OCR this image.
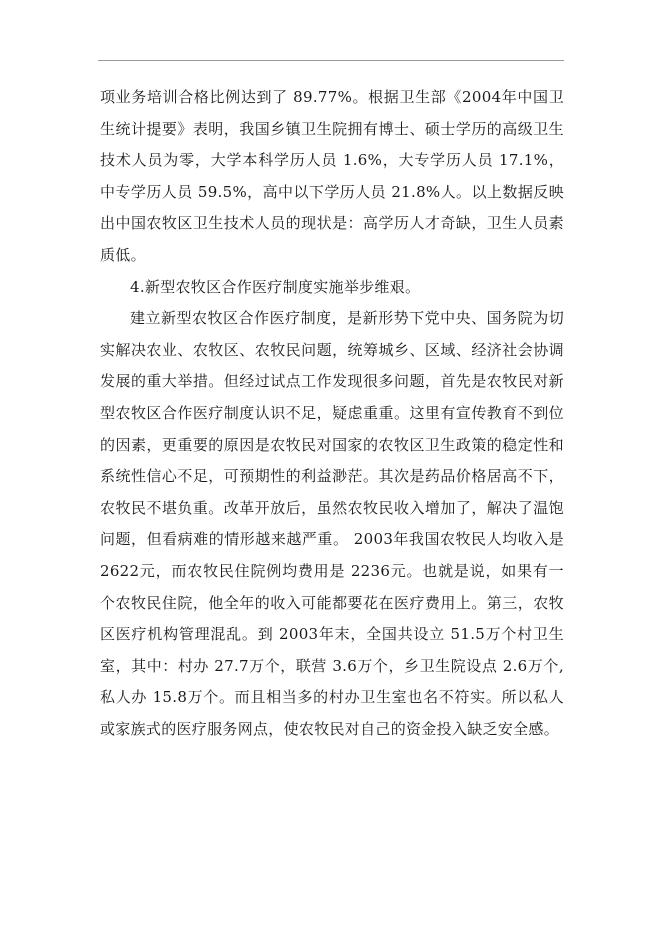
项业务培训合格比例达到了 89.77%。根据卫生部《2004年中国卫生统计提要》表明，我国乡镇卫生院拥有博士、硕士学历的高级卫生技术人员为零，大学本科学历人员 1.6%，大专学历人员 17.1%，中专学历人员 59.5%，高中以下学历人员 21.8%人。以上数据反映出中国农牧区卫生技术人员的现状是：高学历人才奇缺，卫生人员素质低。

4.新型农牧区合作医疗制度实施举步维艰。

建立新型农牧区合作医疗制度，是新形势下党中央、国务院为切实解决农业、农牧区、农牧民问题，统筹城乡、区域、经济社会协调发展的重大举措。但经过试点工作发现很多问题，首先是农牧民对新型农牧区合作医疗制度认识不足，疑虑重重。这里有宣传教育不到位的因素，更重要的原因是农牧民对国家的农牧区卫生政策的稳定性和系统性信心不足，可预期性的利益渺茫。其次是药品价格居高不下，农牧民不堪负重。改革开放后，虽然农牧民收入增加了，解决了温饱问题，但看病难的情形越来越严重。 2003年我国农牧民人均收入是 2622元，而农牧民住院例均费用是 2236元。也就是说，如果有一个农牧民住院，他全年的收入可能都要花在医疗费用上。第三，农牧区医疗机构管理混乱。到 2003年末，全国共设立 51.5万个村卫生室，其中：村办 27.7万个，联营 3.6万个，乡卫生院设点 2.6万个,私人办 15.8万个。而且相当多的村办卫生室也名不符实。所以私人或家族式的医疗服务网点，使农牧民对自己的资金投入缺乏安全感。
